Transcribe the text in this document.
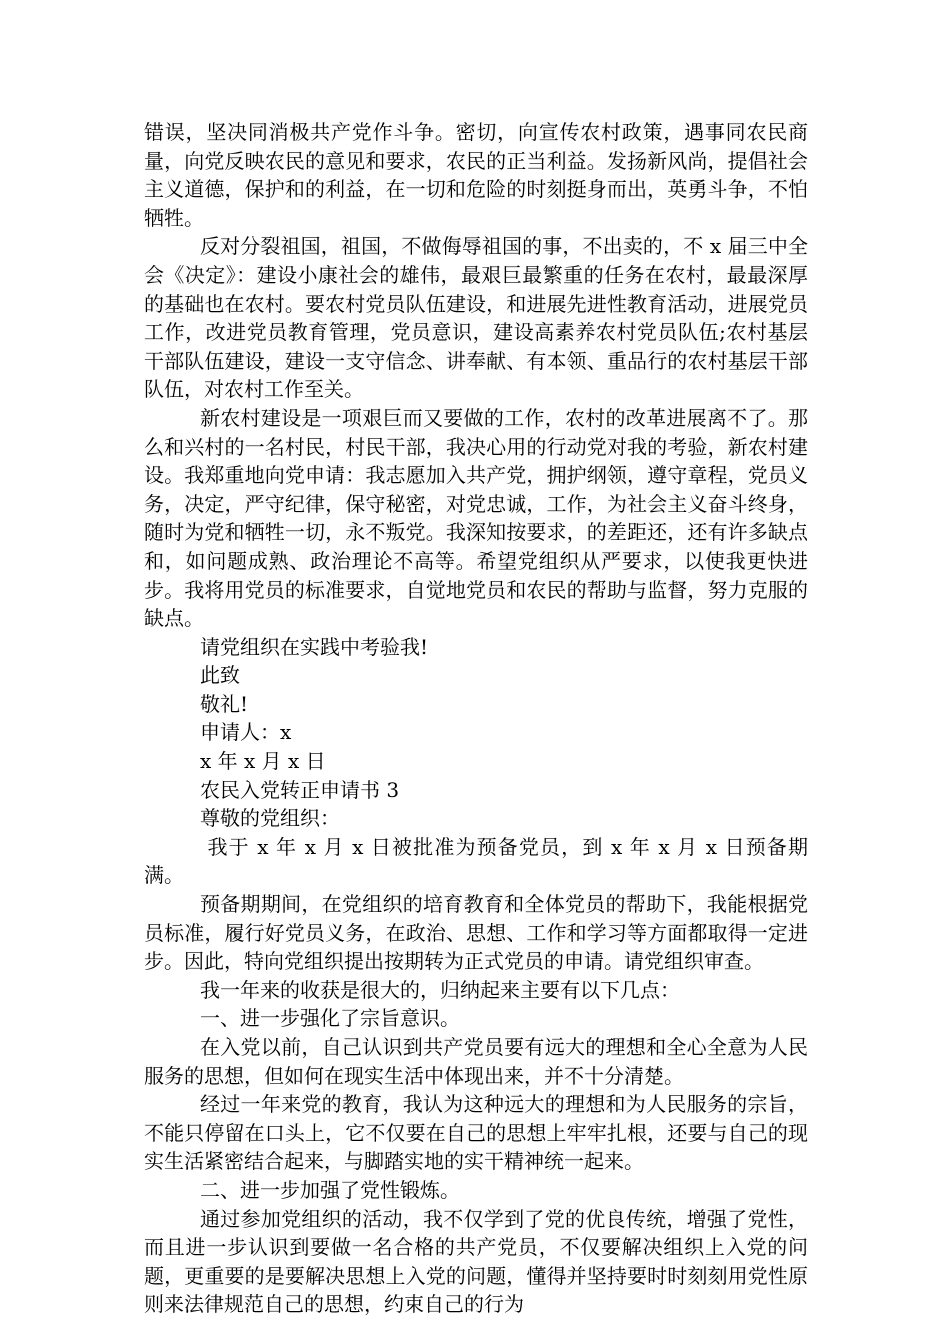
错误，坚决同消极共产党作斗争。密切，向宣传农村政策，遇事同农民商量，向党反映农民的意见和要求，农民的正当利益。发扬新风尚，提倡社会主义道德，保护和的利益，在一切和危险的时刻挺身而出，英勇斗争，不怕牺牲。

反对分裂祖国，祖国，不做侮辱祖国的事，不出卖的，不 x 届三中全会《决定》：建设小康社会的雄伟，最艰巨最繁重的任务在农村，最最深厚的基础也在农村。要农村党员队伍建设，和进展先进性教育活动，进展党员工作，改进党员教育管理，党员意识，建设高素养农村党员队伍;农村基层干部队伍建设，建设一支守信念、讲奉献、有本领、重品行的农村基层干部队伍，对农村工作至关。

新农村建设是一项艰巨而又要做的工作，农村的改革进展离不了。那么和兴村的一名村民，村民干部，我决心用的行动党对我的考验，新农村建设。我郑重地向党申请：我志愿加入共产党，拥护纲领，遵守章程，党员义务，决定，严守纪律，保守秘密，对党忠诚，工作，为社会主义奋斗终身，随时为党和牺牲一切，永不叛党。我深知按要求，的差距还，还有许多缺点和，如问题成熟、政治理论不高等。希望党组织从严要求，以使我更快进步。我将用党员的标准要求，自觉地党员和农民的帮助与监督，努力克服的缺点。

请党组织在实践中考验我!

此致

敬礼!

申请人：x

x 年 x 月 x 日

农民入党转正申请书 3

尊敬的党组织：

我于 x 年 x 月 x 日被批准为预备党员，到 x 年 x 月 x 日预备期满。

预备期期间，在党组织的培育教育和全体党员的帮助下，我能根据党员标准，履行好党员义务，在政治、思想、工作和学习等方面都取得一定进步。因此，特向党组织提出按期转为正式党员的申请。请党组织审查。

我一年来的收获是很大的，归纳起来主要有以下几点：

一、进一步强化了宗旨意识。

在入党以前，自己认识到共产党员要有远大的理想和全心全意为人民服务的思想，但如何在现实生活中体现出来，并不十分清楚。

经过一年来党的教育，我认为这种远大的理想和为人民服务的宗旨，不能只停留在口头上，它不仅要在自己的思想上牢牢扎根，还要与自己的现实生活紧密结合起来，与脚踏实地的实干精神统一起来。

二、进一步加强了党性锻炼。

通过参加党组织的活动，我不仅学到了党的优良传统，增强了党性，而且进一步认识到要做一名合格的共产党员，不仅要解决组织上入党的问题，更重要的是要解决思想上入党的问题，懂得并坚持要时时刻刻用党性原则来法律规范自己的思想，约束自己的行为
